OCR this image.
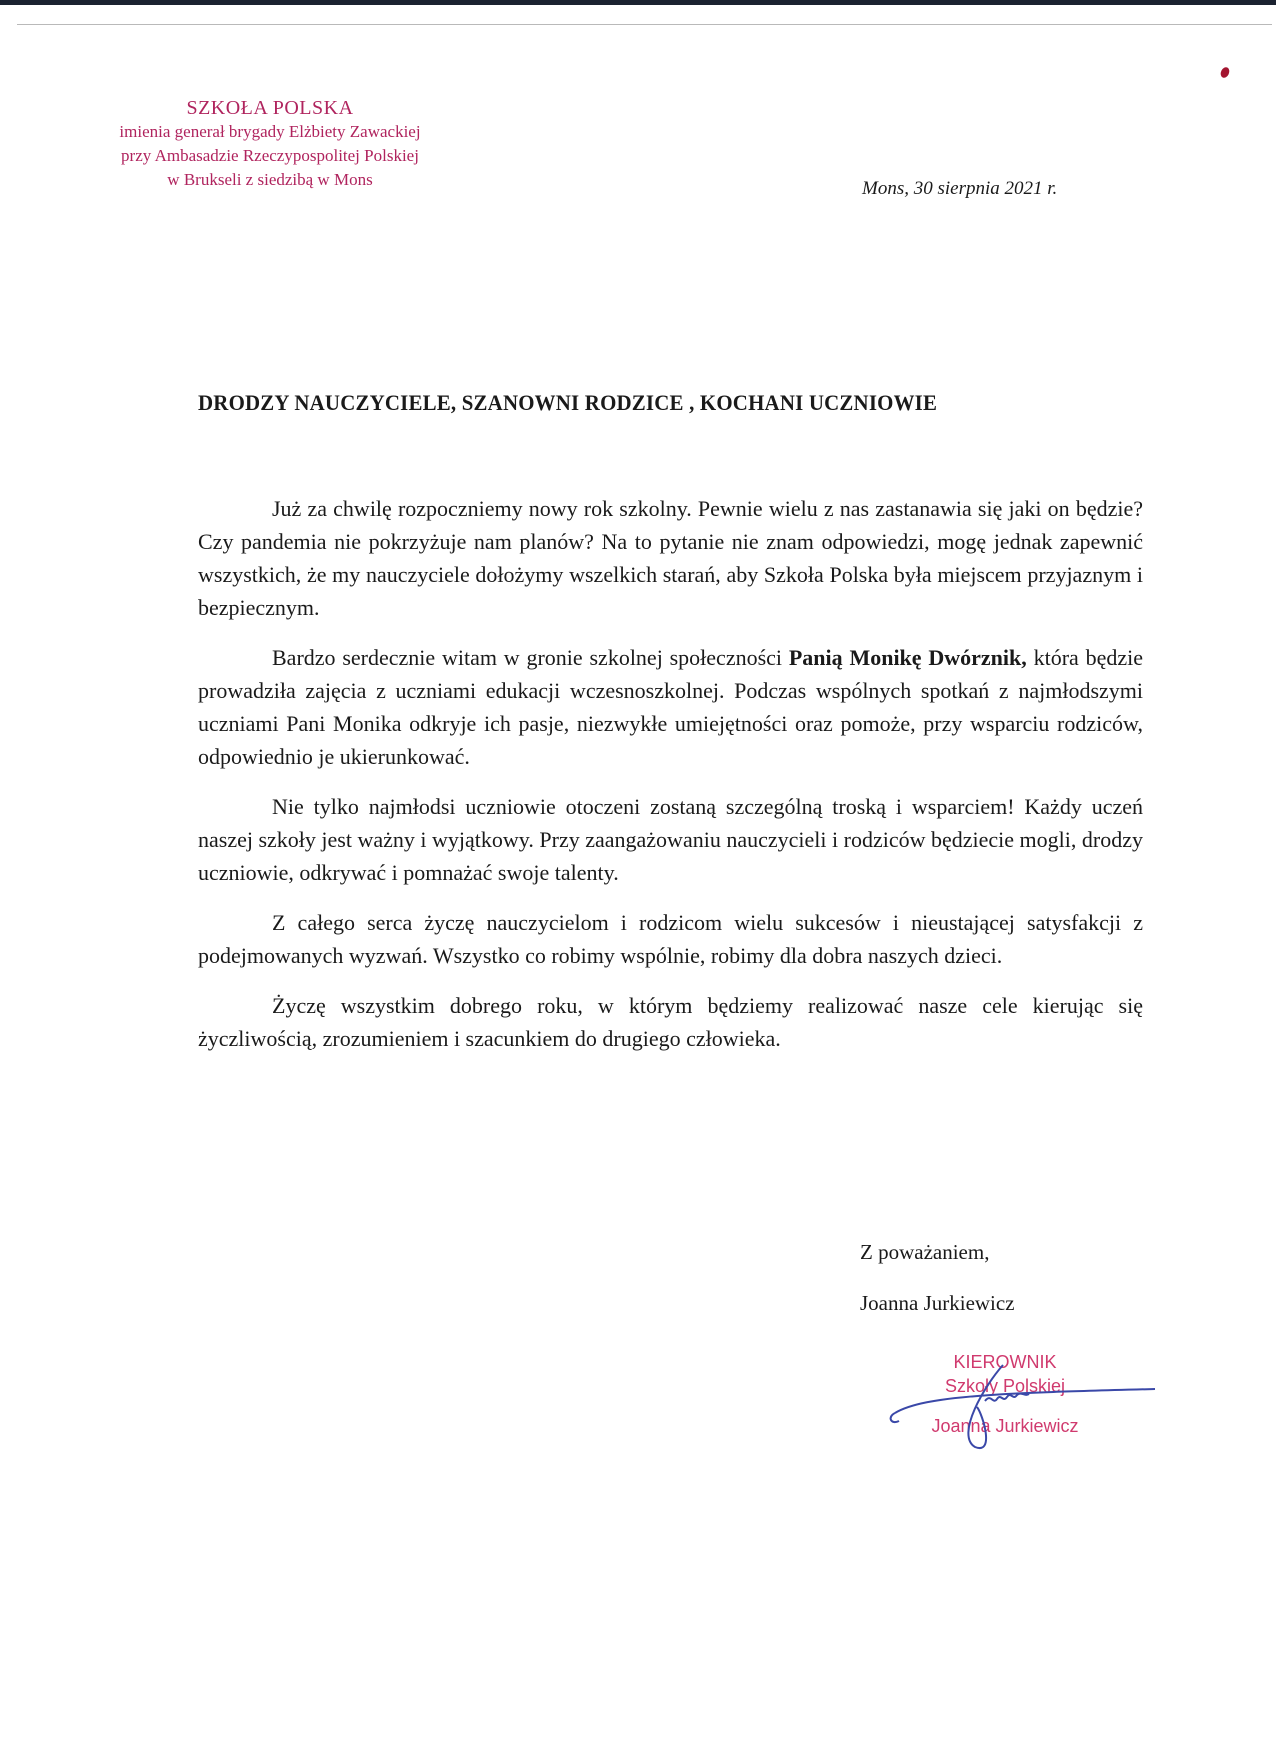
SZKOŁA POLSKA
imienia generał brygady Elżbiety Zawackiej
przy Ambasadzie Rzeczypospolitej Polskiej
w Brukseli z siedzibą w Mons	Mons, 30 sierpnia 2021 r.
DRODZY NAUCZYCIELE, SZANOWNI RODZICE , KOCHANI UCZNIOWIE

Już za chwilę rozpoczniemy nowy rok szkolny. Pewnie wielu z nas zastanawia się jaki on będzie? Czy pandemia nie pokrzyżuje nam planów? Na to pytanie nie znam odpowiedzi, mogę jednak zapewnić wszystkich, że my nauczyciele dołożymy wszelkich starań, aby Szkoła Polska była miejscem przyjaznym i bezpiecznym.

Bardzo serdecznie witam w gronie szkolnej społeczności Panią Monikę Dwórznik, która będzie prowadziła zajęcia z uczniami edukacji wczesnoszkolnej. Podczas wspólnych spotkań z najmłodszymi uczniami Pani Monika odkryje ich pasje, niezwykłe umiejętności oraz pomoże, przy wsparciu rodziców, odpowiednio je ukierunkować.

Nie tylko najmłodsi uczniowie otoczeni zostaną szczególną troską i wsparciem! Każdy uczeń naszej szkoły jest ważny i wyjątkowy. Przy zaangażowaniu nauczycieli i rodziców będziecie mogli, drodzy uczniowie, odkrywać i pomnażać swoje talenty.

Z całego serca życzę nauczycielom i rodzicom wielu sukcesów i nieustającej satysfakcji z podejmowanych wyzwań. Wszystko co robimy wspólnie, robimy dla dobra naszych dzieci.

Życzę wszystkim dobrego roku, w którym będziemy realizować nasze cele kierując się życzliwością, zrozumieniem i szacunkiem do drugiego człowieka.

Z poważaniem,
Joanna Jurkiewicz
KIEROWNIK
Szkoły Polskiej
Joanna Jurkiewicz
